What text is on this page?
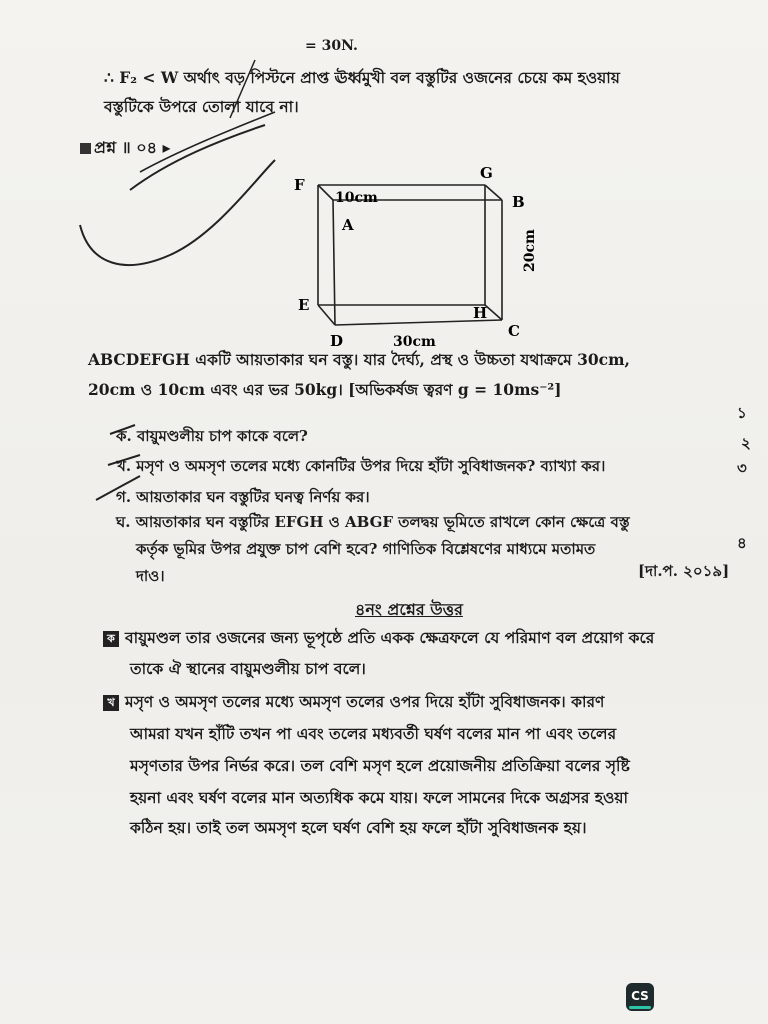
= 30N.
∴ F₂ < W অর্থাৎ বড় পিস্টনে প্রাপ্ত ঊর্ধ্বমুখী বল বস্তুটির ওজনের চেয়ে কম হওয়ায়
বস্তুটিকে উপরে তোলা যাবে না।
প্রশ্ন ॥ ০৪ ▸
F
G
A
B
E	H
D
C
10cm
30cm
20cm
ABCDEFGH একটি আয়তাকার ঘন বস্তু। যার দৈর্ঘ্য, প্রস্থ ও উচ্চতা যথাক্রমে 30cm,
20cm ও 10cm এবং এর ভর 50kg। [অভিকর্ষজ ত্বরণ g = 10ms⁻²]
ক. বায়ুমণ্ডলীয় চাপ কাকে বলে?
১
খ. মসৃণ ও অমসৃণ তলের মধ্যে কোনটির উপর দিয়ে হাঁটা সুবিধাজনক? ব্যাখ্যা কর।
২
গ. আয়তাকার ঘন বস্তুটির ঘনত্ব নির্ণয় কর।
৩
ঘ. আয়তাকার ঘন বস্তুটির EFGH ও ABGF তলদ্বয় ভূমিতে রাখলে কোন ক্ষেত্রে বস্তু
কর্তৃক ভূমির উপর প্রযুক্ত চাপ বেশি হবে? গাণিতিক বিশ্লেষণের মাধ্যমে মতামত	৪
দাও।	[দা.প. ২০১৯]
৪নং প্রশ্নের উত্তর
ক বায়ুমণ্ডল তার ওজনের জন্য ভূপৃষ্ঠে প্রতি একক ক্ষেত্রফলে যে পরিমাণ বল প্রয়োগ করে
তাকে ঐ স্থানের বায়ুমণ্ডলীয় চাপ বলে।
খ মসৃণ ও অমসৃণ তলের মধ্যে অমসৃণ তলের ওপর দিয়ে হাঁটা সুবিধাজনক। কারণ
আমরা যখন হাঁটি তখন পা এবং তলের মধ্যবর্তী ঘর্ষণ বলের মান পা এবং তলের
মসৃণতার উপর নির্ভর করে। তল বেশি মসৃণ হলে প্রয়োজনীয় প্রতিক্রিয়া বলের সৃষ্টি
হয়না এবং ঘর্ষণ বলের মান অত্যধিক কমে যায়। ফলে সামনের দিকে অগ্রসর হওয়া
কঠিন হয়। তাই তল অমসৃণ হলে ঘর্ষণ বেশি হয় ফলে হাঁটা সুবিধাজনক হয়।
CS
